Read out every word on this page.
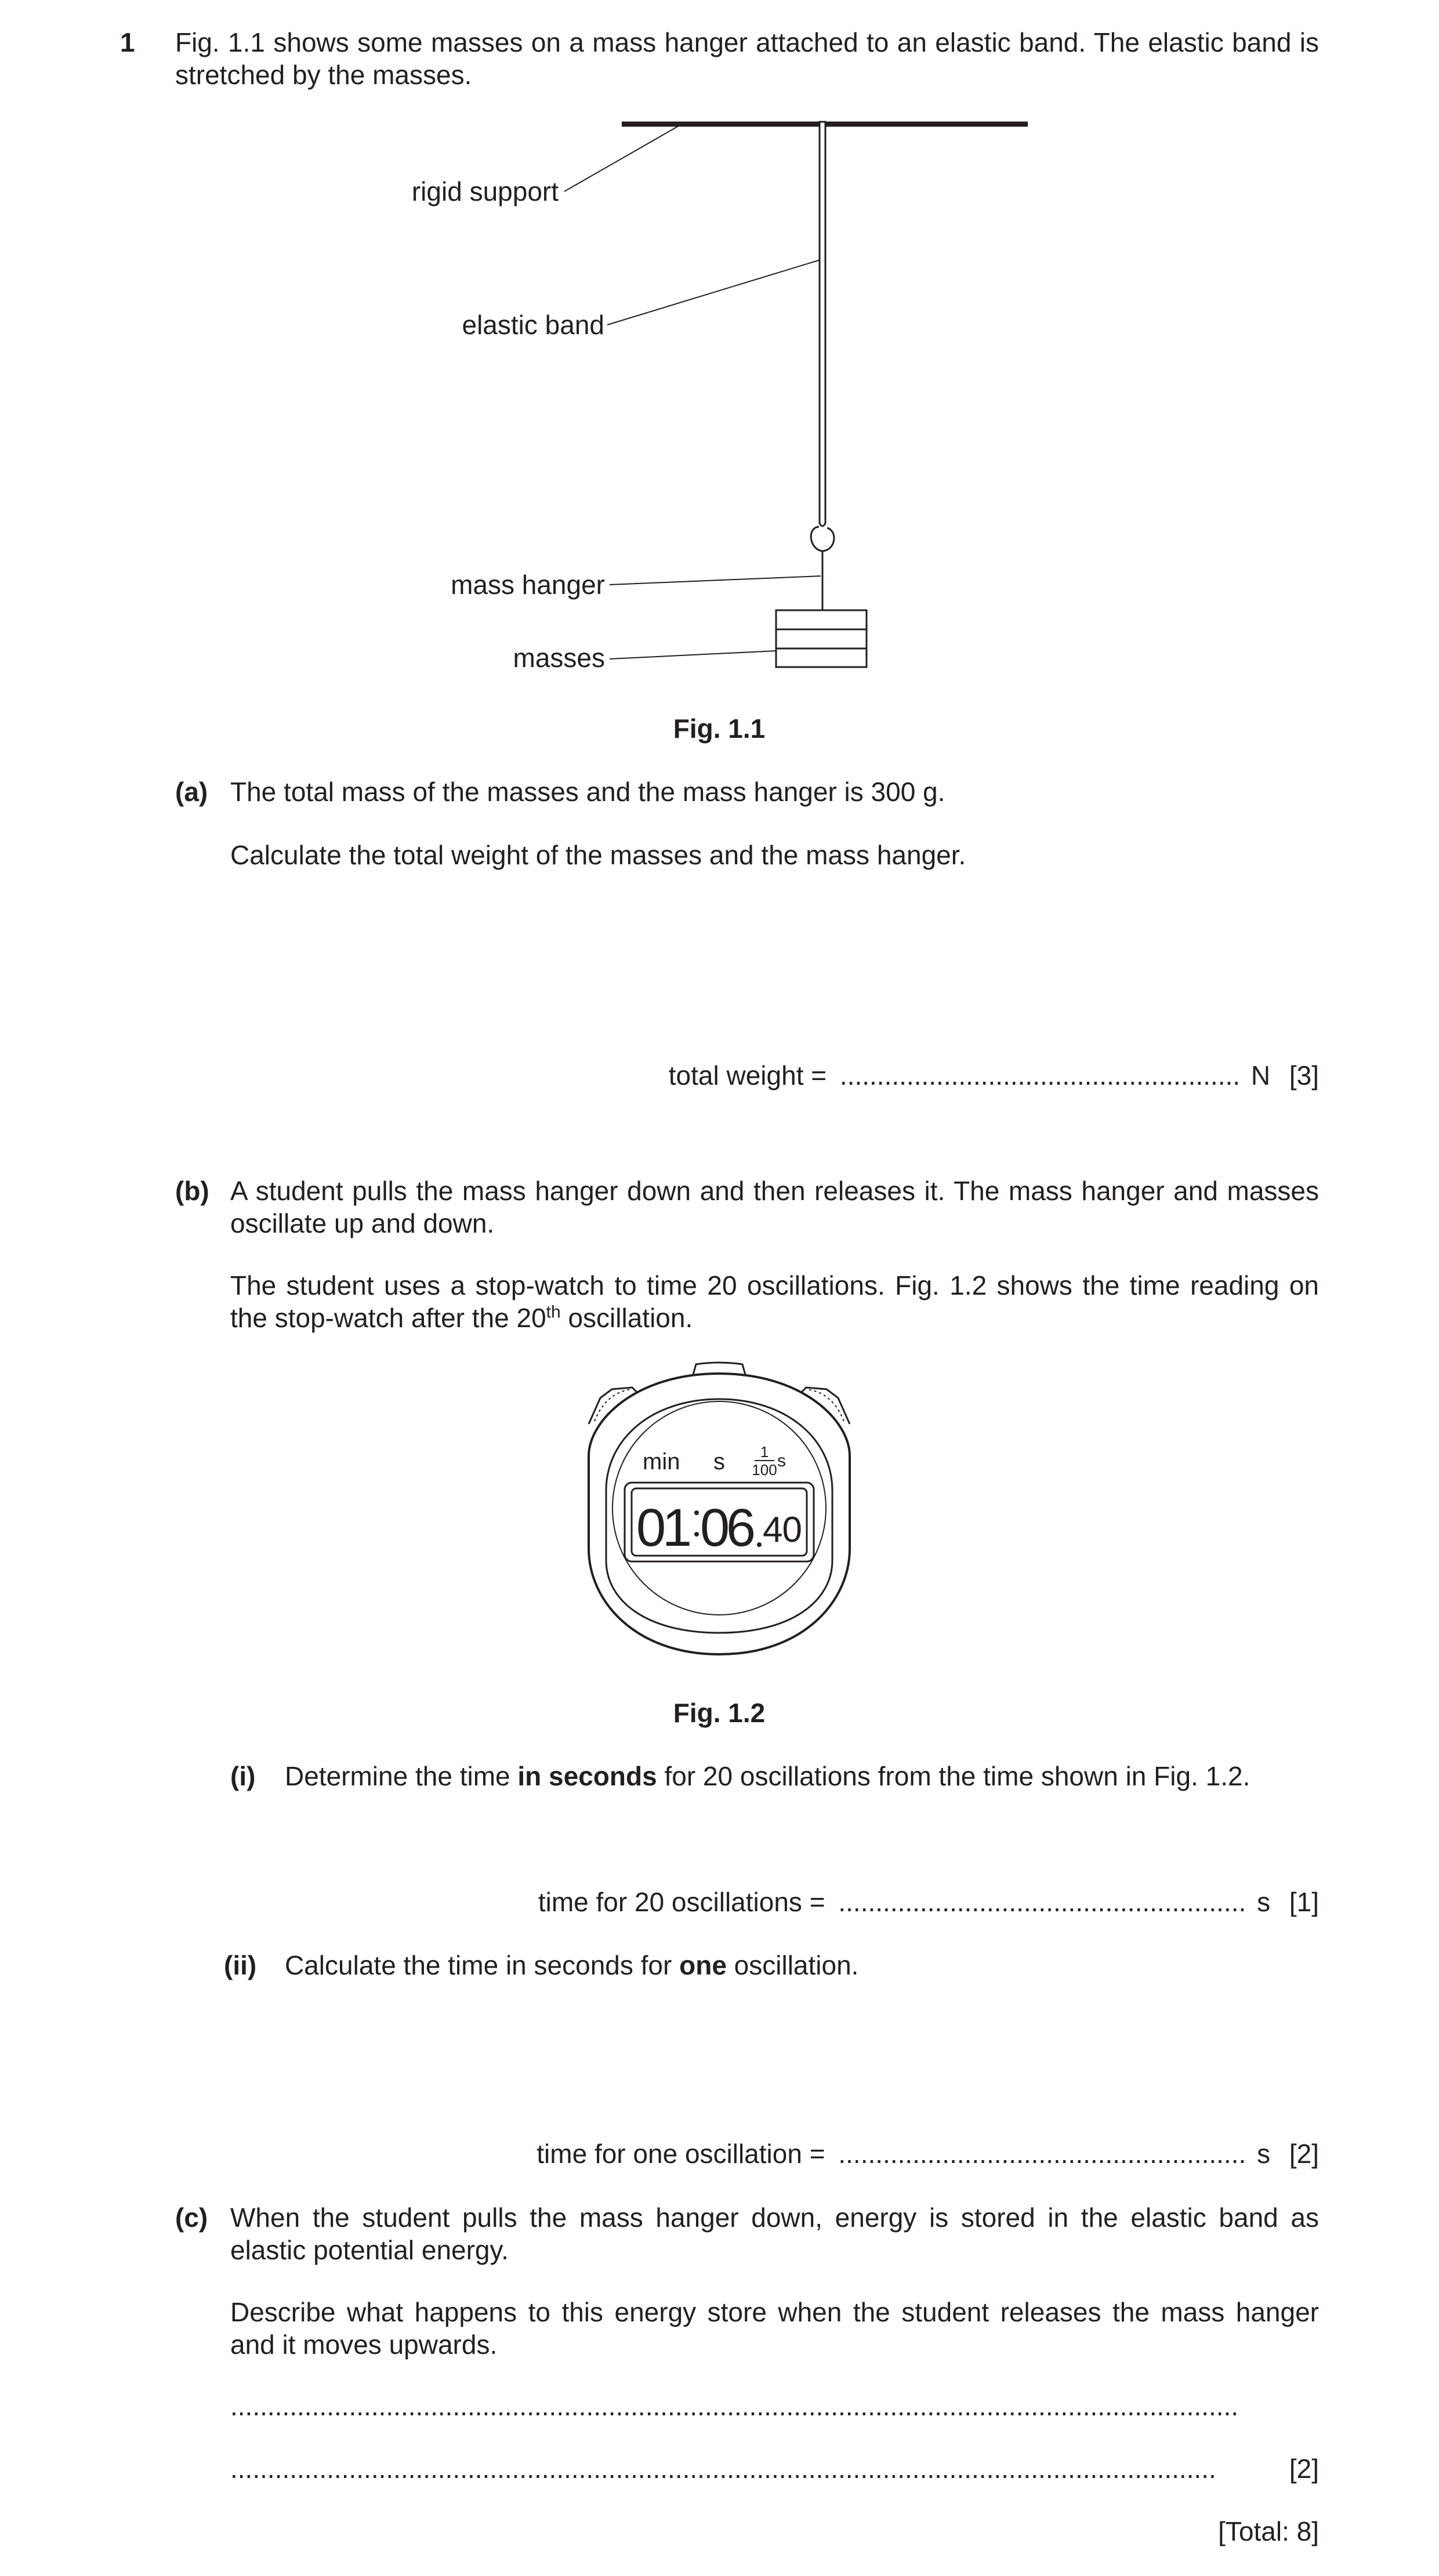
1 Fig. 1.1 shows some masses on a mass hanger attached to an elastic band. The elastic band is stretched by the masses.
rigid support
elastic band
mass hanger
masses
Fig. 1.1
(a) The total mass of the masses and the mass hanger is 300 g.
Calculate the total weight of the masses and the mass hanger.
total weight = ...................................................... N [3]
(b) A student pulls the mass hanger down and then releases it. The mass hanger and masses oscillate up and down.
The student uses a stop-watch to time 20 oscillations. Fig. 1.2 shows the time reading on the stop-watch after the 20th oscillation.
min s 1
100 s
01 06 40
Fig. 1.2
(i) Determine the time in seconds for 20 oscillations from the time shown in Fig. 1.2.
time for 20 oscillations = ....................................................... s [1]
(ii) Calculate the time in seconds for one oscillation.
time for one oscillation = ....................................................... s [2]
(c) When the student pulls the mass hanger down, energy is stored in the elastic band as elastic potential energy.
Describe what happens to this energy store when the student releases the mass hanger and it moves upwards.
........................................................................................................................................
.....................................................................................................................................	[2]
[Total: 8]
